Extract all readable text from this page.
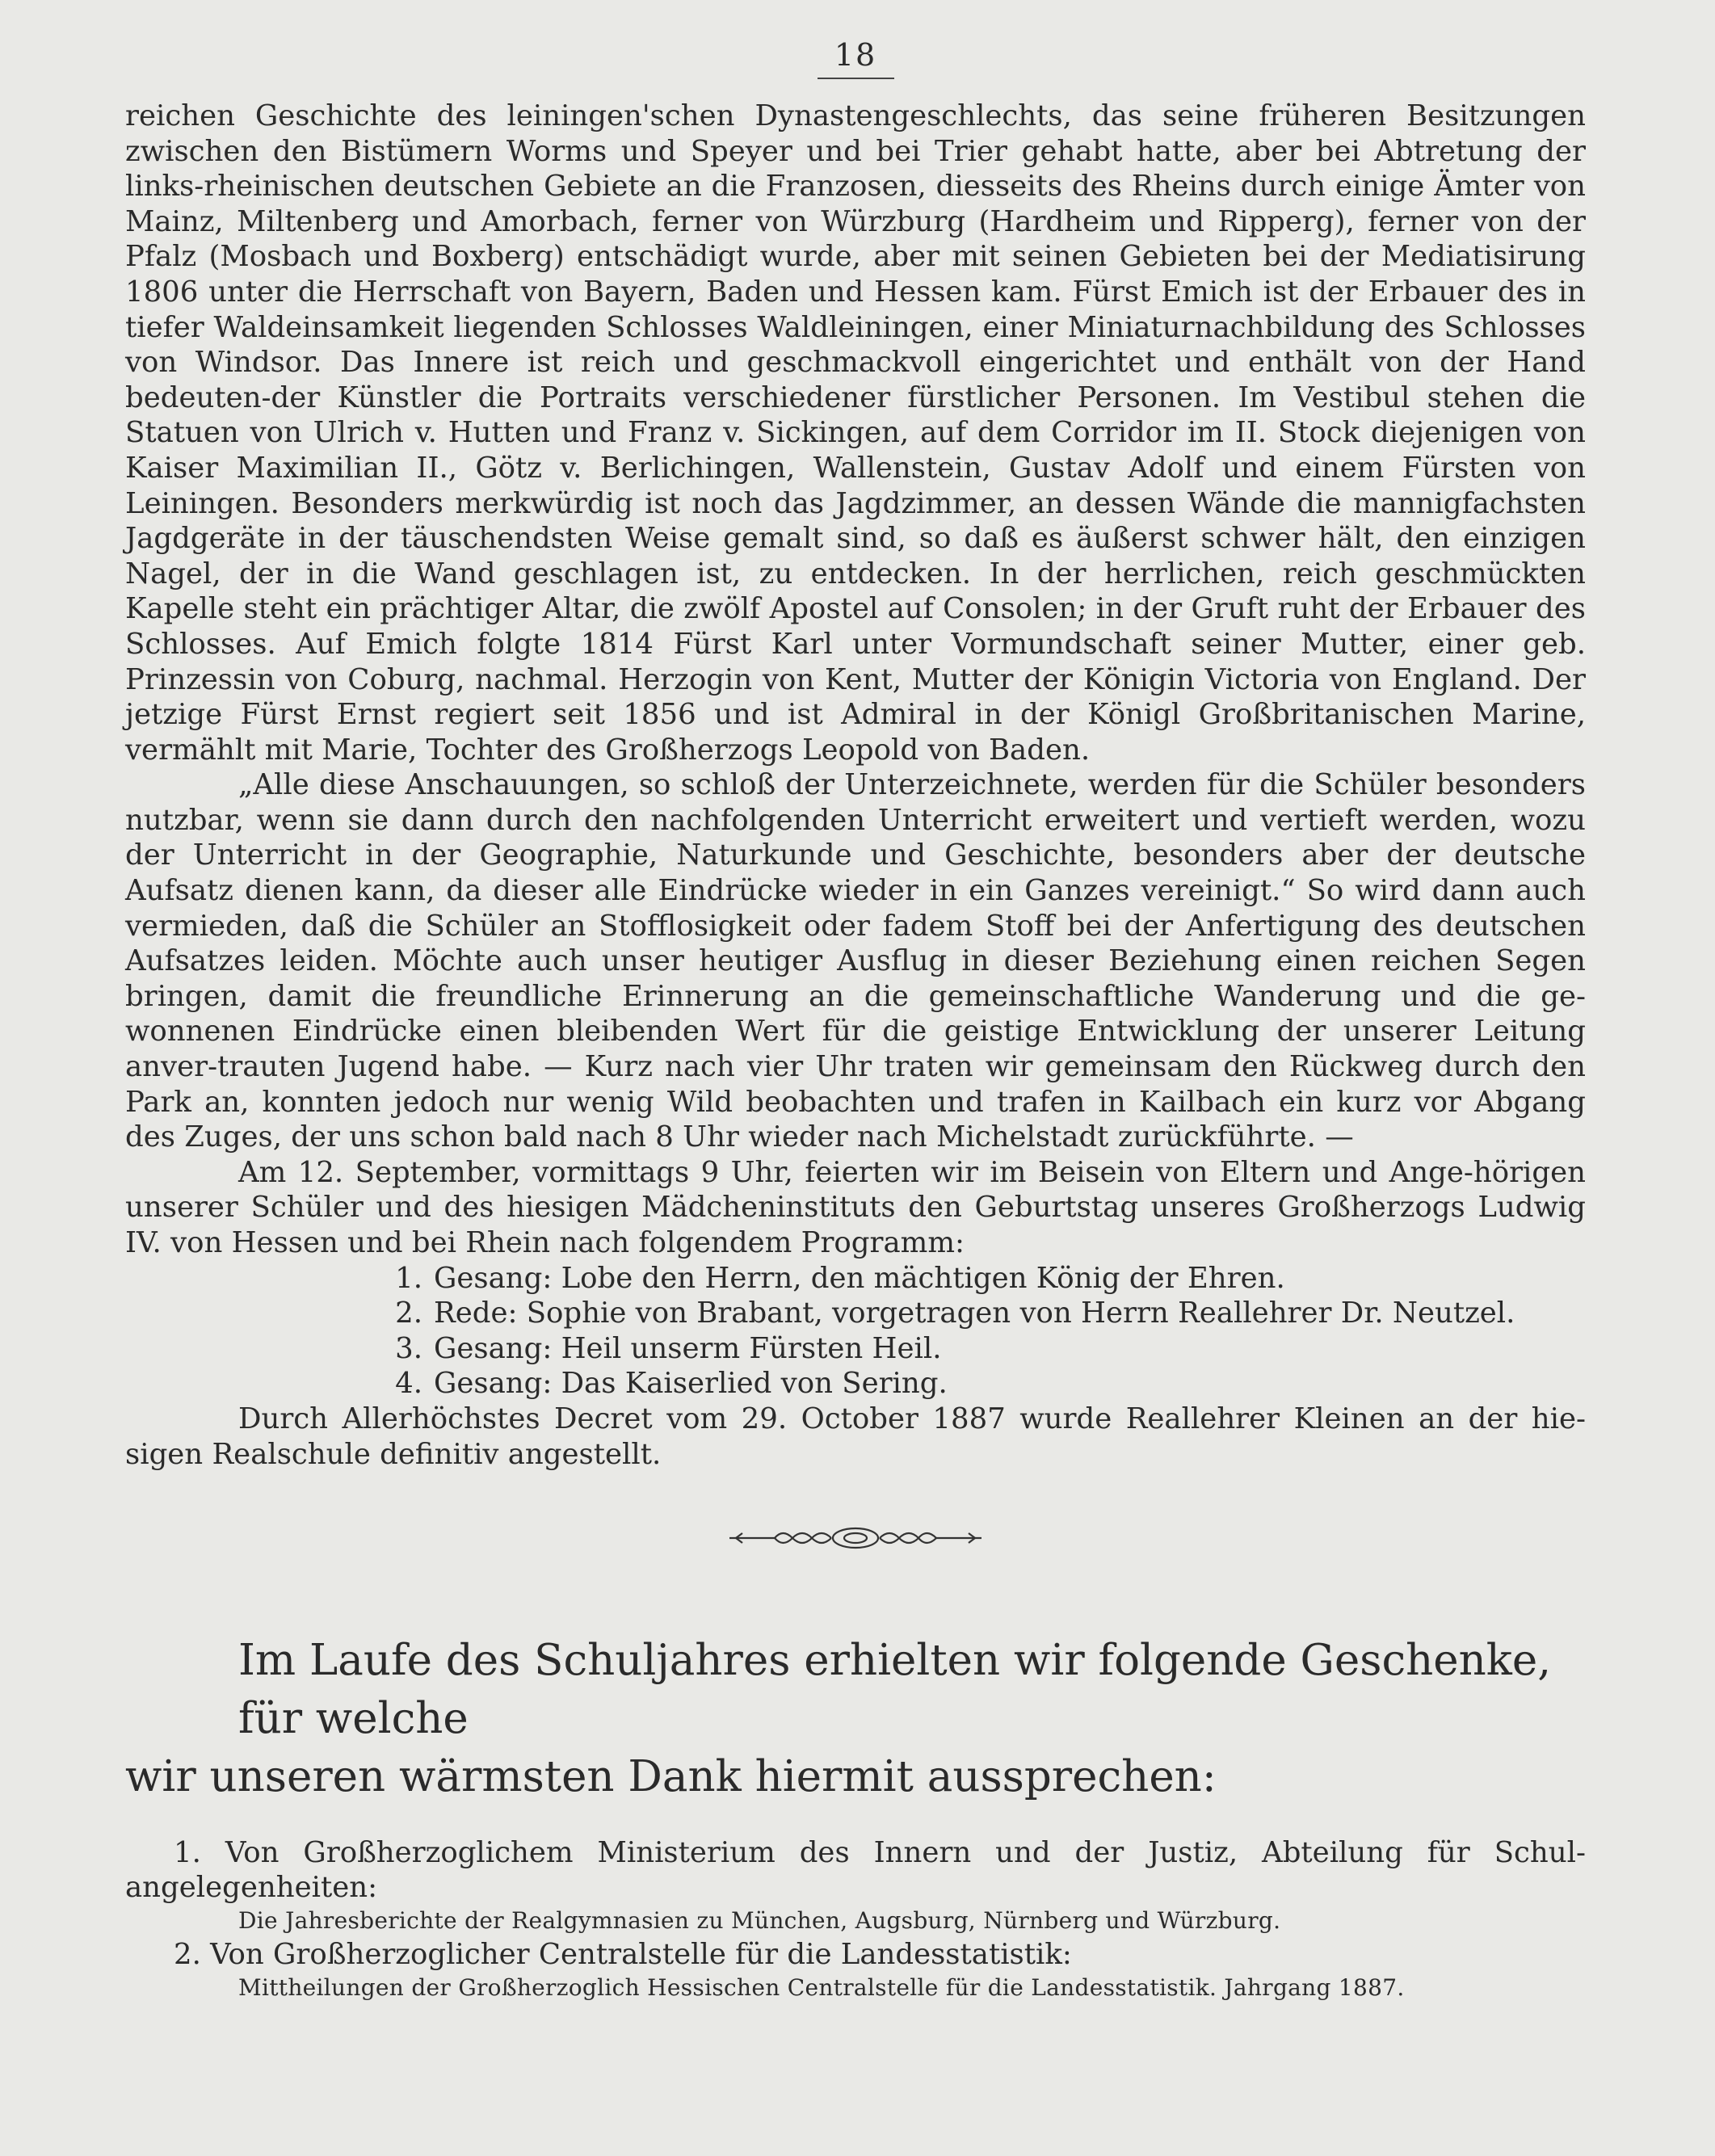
18

reichen Geschichte des leiningen'schen Dynastengeschlechts, das seine früheren Besitzungen zwischen den Bistümern Worms und Speyer und bei Trier gehabt hatte, aber bei Abtretung der links-rheinischen deutschen Gebiete an die Franzosen, diesseits des Rheins durch einige Ämter von Mainz, Miltenberg und Amorbach, ferner von Würzburg (Hardheim und Ripperg), ferner von der Pfalz (Mosbach und Boxberg) entschädigt wurde, aber mit seinen Gebieten bei der Mediatisirung 1806 unter die Herrschaft von Bayern, Baden und Hessen kam. Fürst Emich ist der Erbauer des in tiefer Waldeinsamkeit liegenden Schlosses Waldleiningen, einer Miniaturnachbildung des Schlosses von Windsor. Das Innere ist reich und geschmackvoll eingerichtet und enthält von der Hand bedeuten-der Künstler die Portraits verschiedener fürstlicher Personen. Im Vestibul stehen die Statuen von Ulrich v. Hutten und Franz v. Sickingen, auf dem Corridor im II. Stock diejenigen von Kaiser Maximilian II., Götz v. Berlichingen, Wallenstein, Gustav Adolf und einem Fürsten von Leiningen. Besonders merkwürdig ist noch das Jagdzimmer, an dessen Wände die mannigfachsten Jagdgeräte in der täuschendsten Weise gemalt sind, so daß es äußerst schwer hält, den einzigen Nagel, der in die Wand geschlagen ist, zu entdecken. In der herrlichen, reich geschmückten Kapelle steht ein prächtiger Altar, die zwölf Apostel auf Consolen; in der Gruft ruht der Erbauer des Schlosses. Auf Emich folgte 1814 Fürst Karl unter Vormundschaft seiner Mutter, einer geb. Prinzessin von Coburg, nachmal. Herzogin von Kent, Mutter der Königin Victoria von England. Der jetzige Fürst Ernst regiert seit 1856 und ist Admiral in der Königl Großbritanischen Marine, vermählt mit Marie, Tochter des Großherzogs Leopold von Baden.

„Alle diese Anschauungen, so schloß der Unterzeichnete, werden für die Schüler besonders nutzbar, wenn sie dann durch den nachfolgenden Unterricht erweitert und vertieft werden, wozu der Unterricht in der Geographie, Naturkunde und Geschichte, besonders aber der deutsche Aufsatz dienen kann, da dieser alle Eindrücke wieder in ein Ganzes vereinigt.“ So wird dann auch vermieden, daß die Schüler an Stofflosigkeit oder fadem Stoff bei der Anfertigung des deutschen Aufsatzes leiden. Möchte auch unser heutiger Ausflug in dieser Beziehung einen reichen Segen bringen, damit die freundliche Erinnerung an die gemeinschaftliche Wanderung und die ge-wonnenen Eindrücke einen bleibenden Wert für die geistige Entwicklung der unserer Leitung anver-trauten Jugend habe. — Kurz nach vier Uhr traten wir gemeinsam den Rückweg durch den Park an, konnten jedoch nur wenig Wild beobachten und trafen in Kailbach ein kurz vor Abgang des Zuges, der uns schon bald nach 8 Uhr wieder nach Michelstadt zurückführte. —

Am 12. September, vormittags 9 Uhr, feierten wir im Beisein von Eltern und Ange-hörigen unserer Schüler und des hiesigen Mädcheninstituts den Geburtstag unseres Großherzogs Ludwig IV. von Hessen und bei Rhein nach folgendem Programm:

1. Gesang: Lobe den Herrn, den mächtigen König der Ehren.
2. Rede: Sophie von Brabant, vorgetragen von Herrn Reallehrer Dr. Neutzel.
3. Gesang: Heil unserm Fürsten Heil.
4. Gesang: Das Kaiserlied von Sering.

Durch Allerhöchstes Decret vom 29. October 1887 wurde Reallehrer Kleinen an der hie-sigen Realschule definitiv angestellt.

Im Laufe des Schuljahres erhielten wir folgende Geschenke, für welche
wir unseren wärmsten Dank hiermit aussprechen:

1. Von Großherzoglichem Ministerium des Innern und der Justiz, Abteilung für Schul-angelegenheiten:

Die Jahresberichte der Realgymnasien zu München, Augsburg, Nürnberg und Würzburg.

2. Von Großherzoglicher Centralstelle für die Landesstatistik:

Mittheilungen der Großherzoglich Hessischen Centralstelle für die Landesstatistik. Jahrgang 1887.
